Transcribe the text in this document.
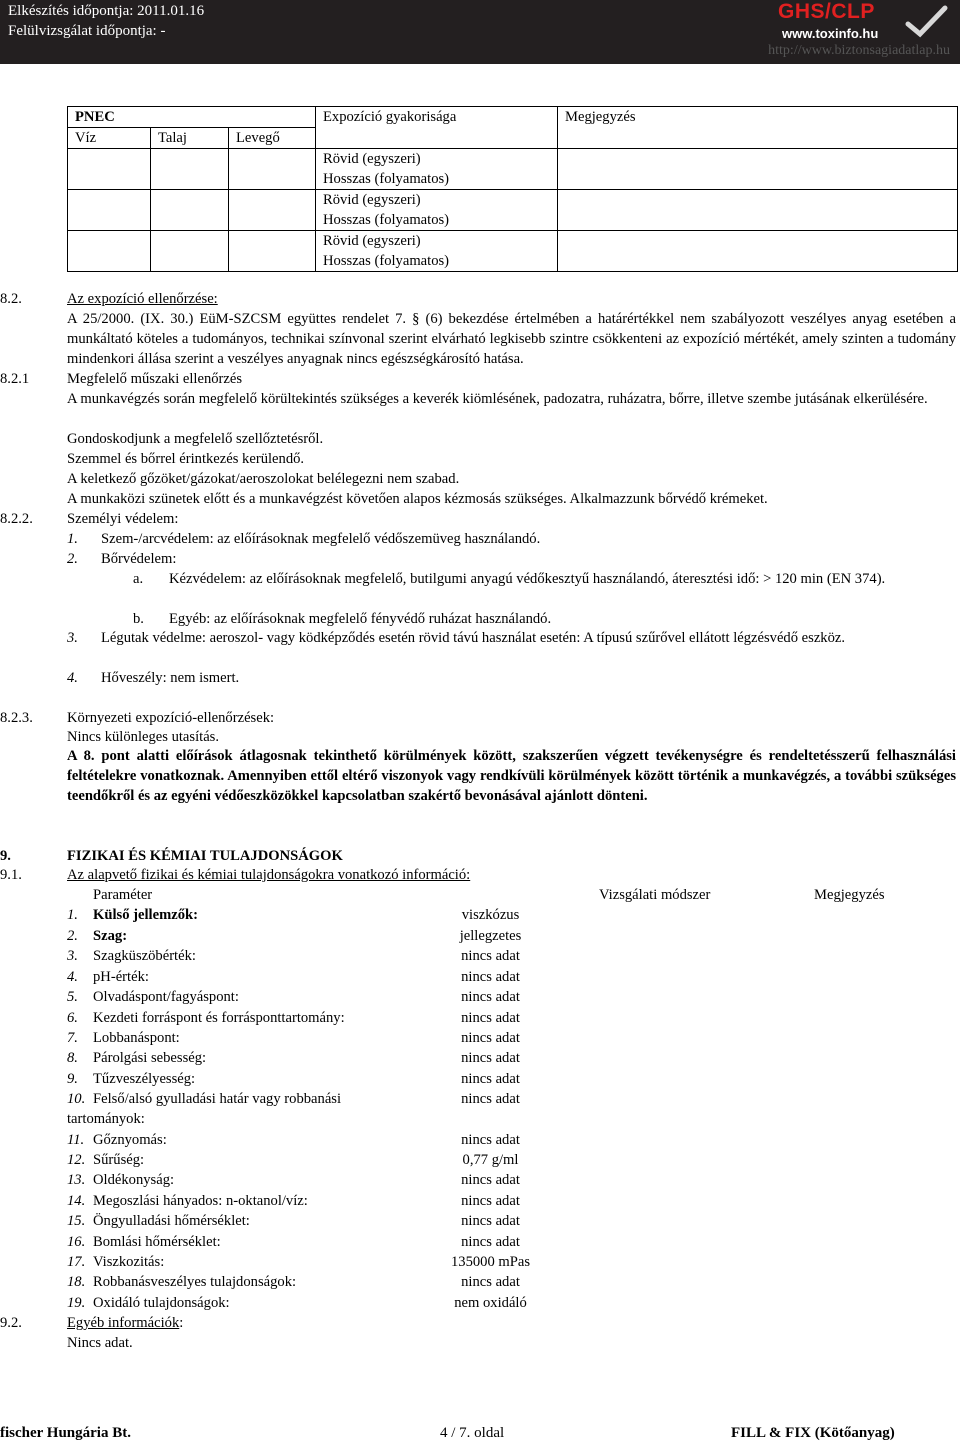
Elkészítés időpontja: 2011.01.16
Felülvizsgálat időpontja: -
GHS/CLP
www.toxinfo.hu
http://www.biztonsagiadatlap.hu
PNEC			Expozíció gyakorisága	Megjegyzés
Víz	Talaj	Levegő		

			Rövid (egyszeri)
Hosszas (folyamatos)	

			Rövid (egyszeri)
Hosszas (folyamatos)	

			Rövid (egyszeri)
Hosszas (folyamatos)	

8.2.	Az expozíció ellenőrzése:
A 25/2000. (IX. 30.) EüM-SZCSM együttes rendelet 7. § (6) bekezdése értelmében a határértékkel nem szabályozott veszélyes anyag esetében a munkáltató köteles a tudományos, technikai színvonal szerint elvárható legkisebb szintre csökkenteni az expozíció mértékét, amely szinten a tudomány mindenkori állása szerint a veszélyes anyagnak nincs egészségkárosító hatása.
8.2.1	Megfelelő műszaki ellenőrzés
A munkavégzés során megfelelő körültekintés szükséges a keverék kiömlésének, padozatra, ruházatra, bőrre, illetve szembe jutásának elkerülésére.
Gondoskodjunk a megfelelő szellőztetésről.
Szemmel és bőrrel érintkezés kerülendő.
A keletkező gőzöket/gázokat/aeroszolokat belélegezni nem szabad.
A munkaközi szünetek előtt és a munkavégzést követően alapos kézmosás szükséges. Alkalmazzunk bőrvédő krémeket.
8.2.2. Személyi védelem:
1. Szem-/arcvédelem: az előírásoknak megfelelő védőszemüveg használandó.
2. Bőrvédelem:
a. Kézvédelem: az előírásoknak megfelelő, butilgumi anyagú védőkesztyű használandó, áteresztési idő: > 120 min (EN 374).
b. Egyéb: az előírásoknak megfelelő fényvédő ruházat használandó.
3. Légutak védelme: aeroszol- vagy ködképződés esetén rövid távú használat esetén: A típusú szűrővel ellátott légzésvédő eszköz.
4. Hőveszély: nem ismert.
8.2.3. Környezeti expozíció-ellenőrzések:
Nincs különleges utasítás.
A 8. pont alatti előírások átlagosnak tekinthető körülmények között, szakszerűen végzett tevékenységre és rendeltetésszerű felhasználási feltételekre vonatkoznak. Amennyiben ettől eltérő viszonyok vagy rendkívüli körülmények között történik a munkavégzés, a további szükséges teendőkről és az egyéni védőeszközökkel kapcsolatban szakértő bevonásával ajánlott dönteni.
9.	FIZIKAI ÉS KÉMIAI TULAJDONSÁGOK
9.1.	Az alapvető fizikai és kémiai tulajdonságokra vonatkozó információ:
Paraméter	Vizsgálati módszer	Megjegyzés
1. Külső jellemzők:	viszkózus
2. Szag:	jellegzetes
3. Szagküszöbérték:	nincs adat
4. pH-érték:	nincs adat
5. Olvadáspont/fagyáspont:	nincs adat
6. Kezdeti forráspont és forrásponttartomány:	nincs adat
7. Lobbanáspont:	nincs adat
8. Párolgási sebesség:	nincs adat
9. Tűzveszélyesség:	nincs adat
10. Felső/alsó gyulladási határ vagy robbanási	nincs adat
tartományok:
11. Gőznyomás:	nincs adat
12. Sűrűség:	0,77 g/ml
13. Oldékonyság:	nincs adat
14. Megoszlási hányados: n-oktanol/víz:	nincs adat
15. Öngyulladási hőmérséklet:	nincs adat
16. Bomlási hőmérséklet:	nincs adat
17. Viszkozitás:	135000 mPas
18. Robbanásveszélyes tulajdonságok:	nincs adat
19. Oxidáló tulajdonságok:	nem oxidáló
9.2.	Egyéb információk:
Nincs adat.
fischer Hungária Bt.	4 / 7. oldal	FILL & FIX (Kötőanyag)
